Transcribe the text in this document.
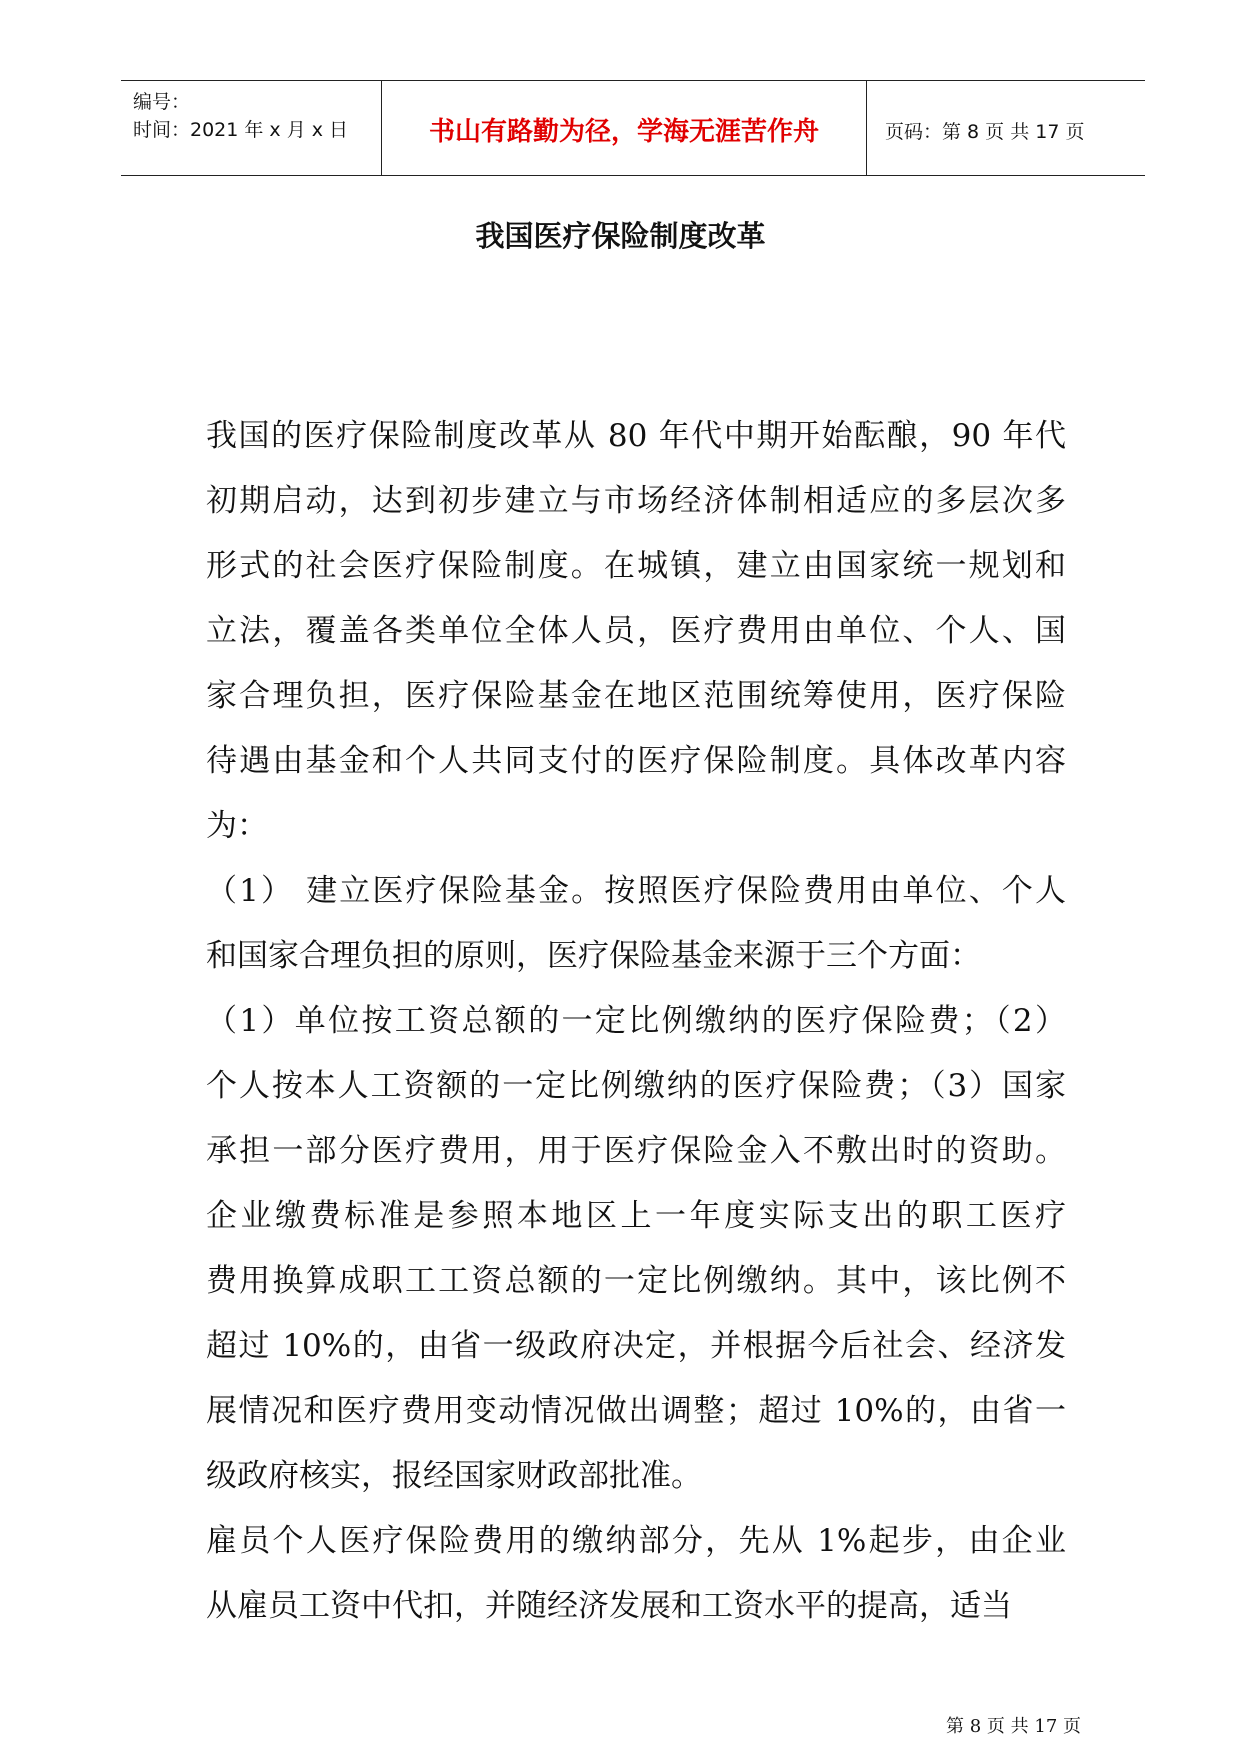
编号：
时间：2021 年 x 月 x 日	书山有路勤为径，学海无涯苦作舟	页码：第 8 页 共 17 页
我国医疗保险制度改革
我国的医疗保险制度改革从 80 年代中期开始酝酿，90 年代
初期启动，达到初步建立与市场经济体制相适应的多层次多
形式的社会医疗保险制度。在城镇，建立由国家统一规划和
立法，覆盖各类单位全体人员，医疗费用由单位、个人、国
家合理负担，医疗保险基金在地区范围统筹使用，医疗保险
待遇由基金和个人共同支付的医疗保险制度。具体改革内容
为：
（1） 建立医疗保险基金。按照医疗保险费用由单位、个人
和国家合理负担的原则，医疗保险基金来源于三个方面：
（1）单位按工资总额的一定比例缴纳的医疗保险费；（2）
个人按本人工资额的一定比例缴纳的医疗保险费；（3）国家
承担一部分医疗费用，用于医疗保险金入不敷出时的资助。
企业缴费标准是参照本地区上一年度实际支出的职工医疗
费用换算成职工工资总额的一定比例缴纳。其中，该比例不
超过 10%的，由省一级政府决定，并根据今后社会、经济发
展情况和医疗费用变动情况做出调整；超过 10%的，由省一
级政府核实，报经国家财政部批准。
雇员个人医疗保险费用的缴纳部分，先从 1%起步，由企业
从雇员工资中代扣，并随经济发展和工资水平的提高，适当
第 8 页 共 17 页
